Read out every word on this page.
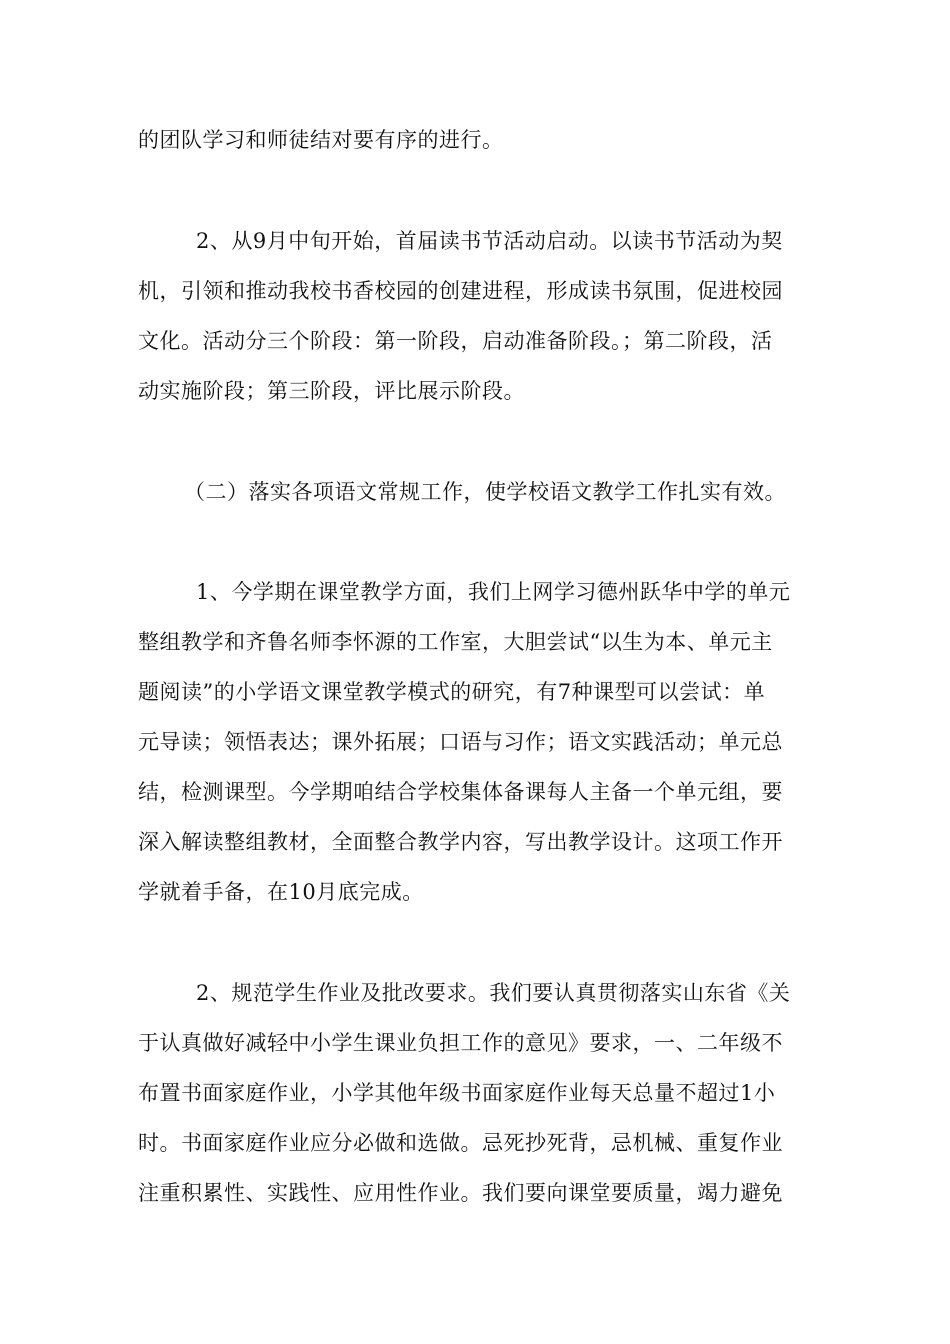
的团队学习和师徒结对要有序的进行。
2、从9月中旬开始，首届读书节活动启动。以读书节活动为契
机，引领和推动我校书香校园的创建进程，形成读书氛围，促进校园
文化。活动分三个阶段：第一阶段，启动准备阶段。；第二阶段，活
动实施阶段；第三阶段，评比展示阶段。
（二）落实各项语文常规工作，使学校语文教学工作扎实有效。
1、今学期在课堂教学方面，我们上网学习德州跃华中学的单元
整组教学和齐鲁名师李怀源的工作室，大胆尝试“以生为本、单元主
题阅读”的小学语文课堂教学模式的研究，有7种课型可以尝试：单
元导读；领悟表达；课外拓展；口语与习作；语文实践活动；单元总
结，检测课型。今学期咱结合学校集体备课每人主备一个单元组，要
深入解读整组教材，全面整合教学内容，写出教学设计。这项工作开
学就着手备，在10月底完成。
2、规范学生作业及批改要求。我们要认真贯彻落实山东省《关
于认真做好减轻中小学生课业负担工作的意见》要求，一、二年级不
布置书面家庭作业，小学其他年级书面家庭作业每天总量不超过1小
时。书面家庭作业应分必做和选做。忌死抄死背，忌机械、重复作业
注重积累性、实践性、应用性作业。我们要向课堂要质量，竭力避免
